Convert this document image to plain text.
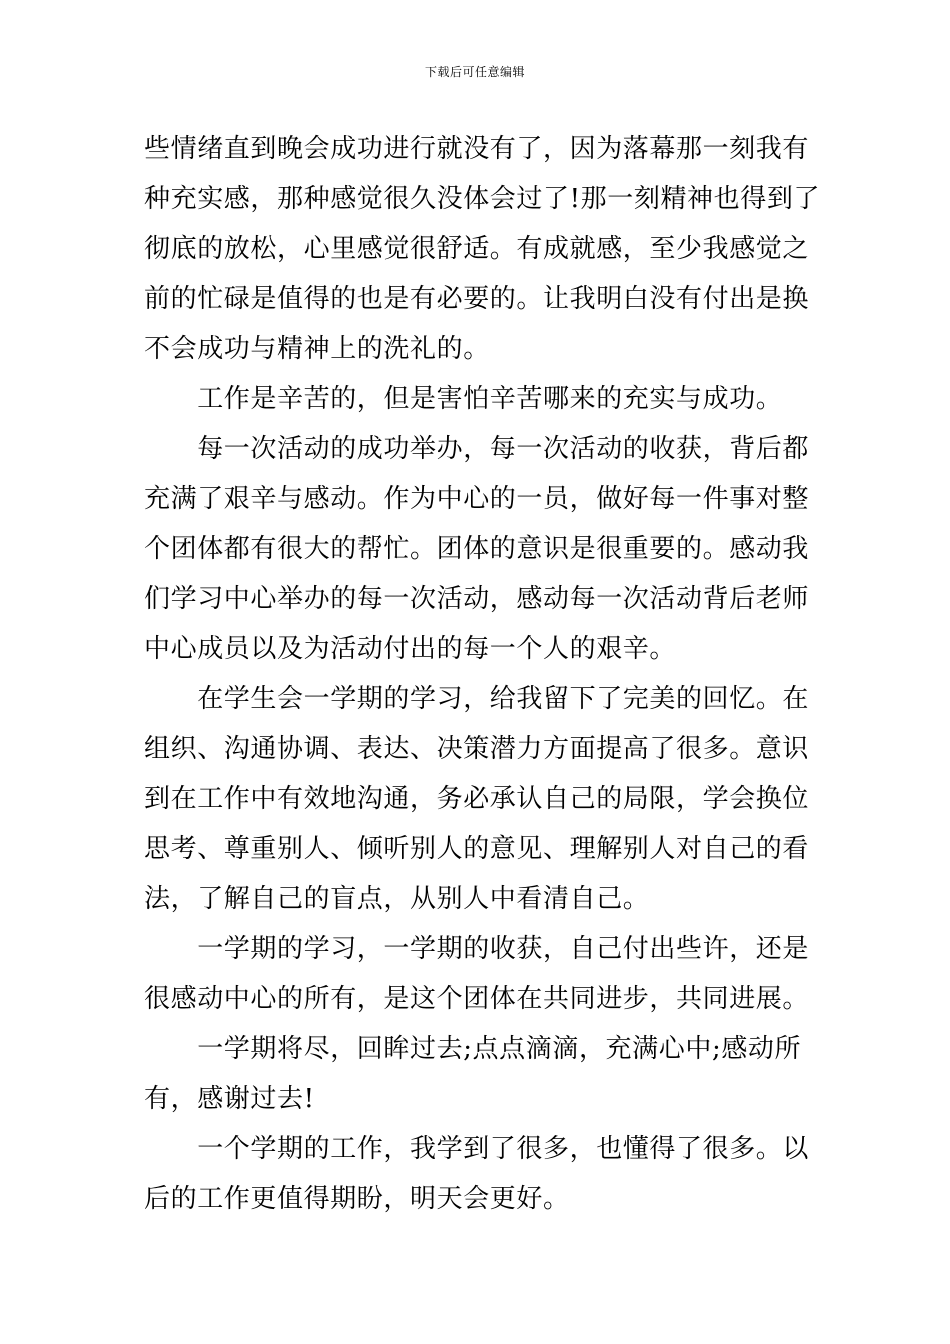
下载后可任意编辑
些情绪直到晚会成功进行就没有了，因为落幕那一刻我有
种充实感，那种感觉很久没体会过了!那一刻精神也得到了
彻底的放松，心里感觉很舒适。有成就感，至少我感觉之
前的忙碌是值得的也是有必要的。让我明白没有付出是换
不会成功与精神上的洗礼的。
　　工作是辛苦的，但是害怕辛苦哪来的充实与成功。
　　每一次活动的成功举办，每一次活动的收获，背后都
充满了艰辛与感动。作为中心的一员，做好每一件事对整
个团体都有很大的帮忙。团体的意识是很重要的。感动我
们学习中心举办的每一次活动，感动每一次活动背后老师
中心成员以及为活动付出的每一个人的艰辛。
　　在学生会一学期的学习，给我留下了完美的回忆。在
组织、沟通协调、表达、决策潜力方面提高了很多。意识
到在工作中有效地沟通，务必承认自己的局限，学会换位
思考、尊重别人、倾听别人的意见、理解别人对自己的看
法，了解自己的盲点，从别人中看清自己。
　　一学期的学习，一学期的收获，自己付出些许，还是
很感动中心的所有，是这个团体在共同进步，共同进展。
　　一学期将尽，回眸过去;点点滴滴，充满心中;感动所
有，感谢过去!
　　一个学期的工作，我学到了很多，也懂得了很多。以
后的工作更值得期盼，明天会更好。
